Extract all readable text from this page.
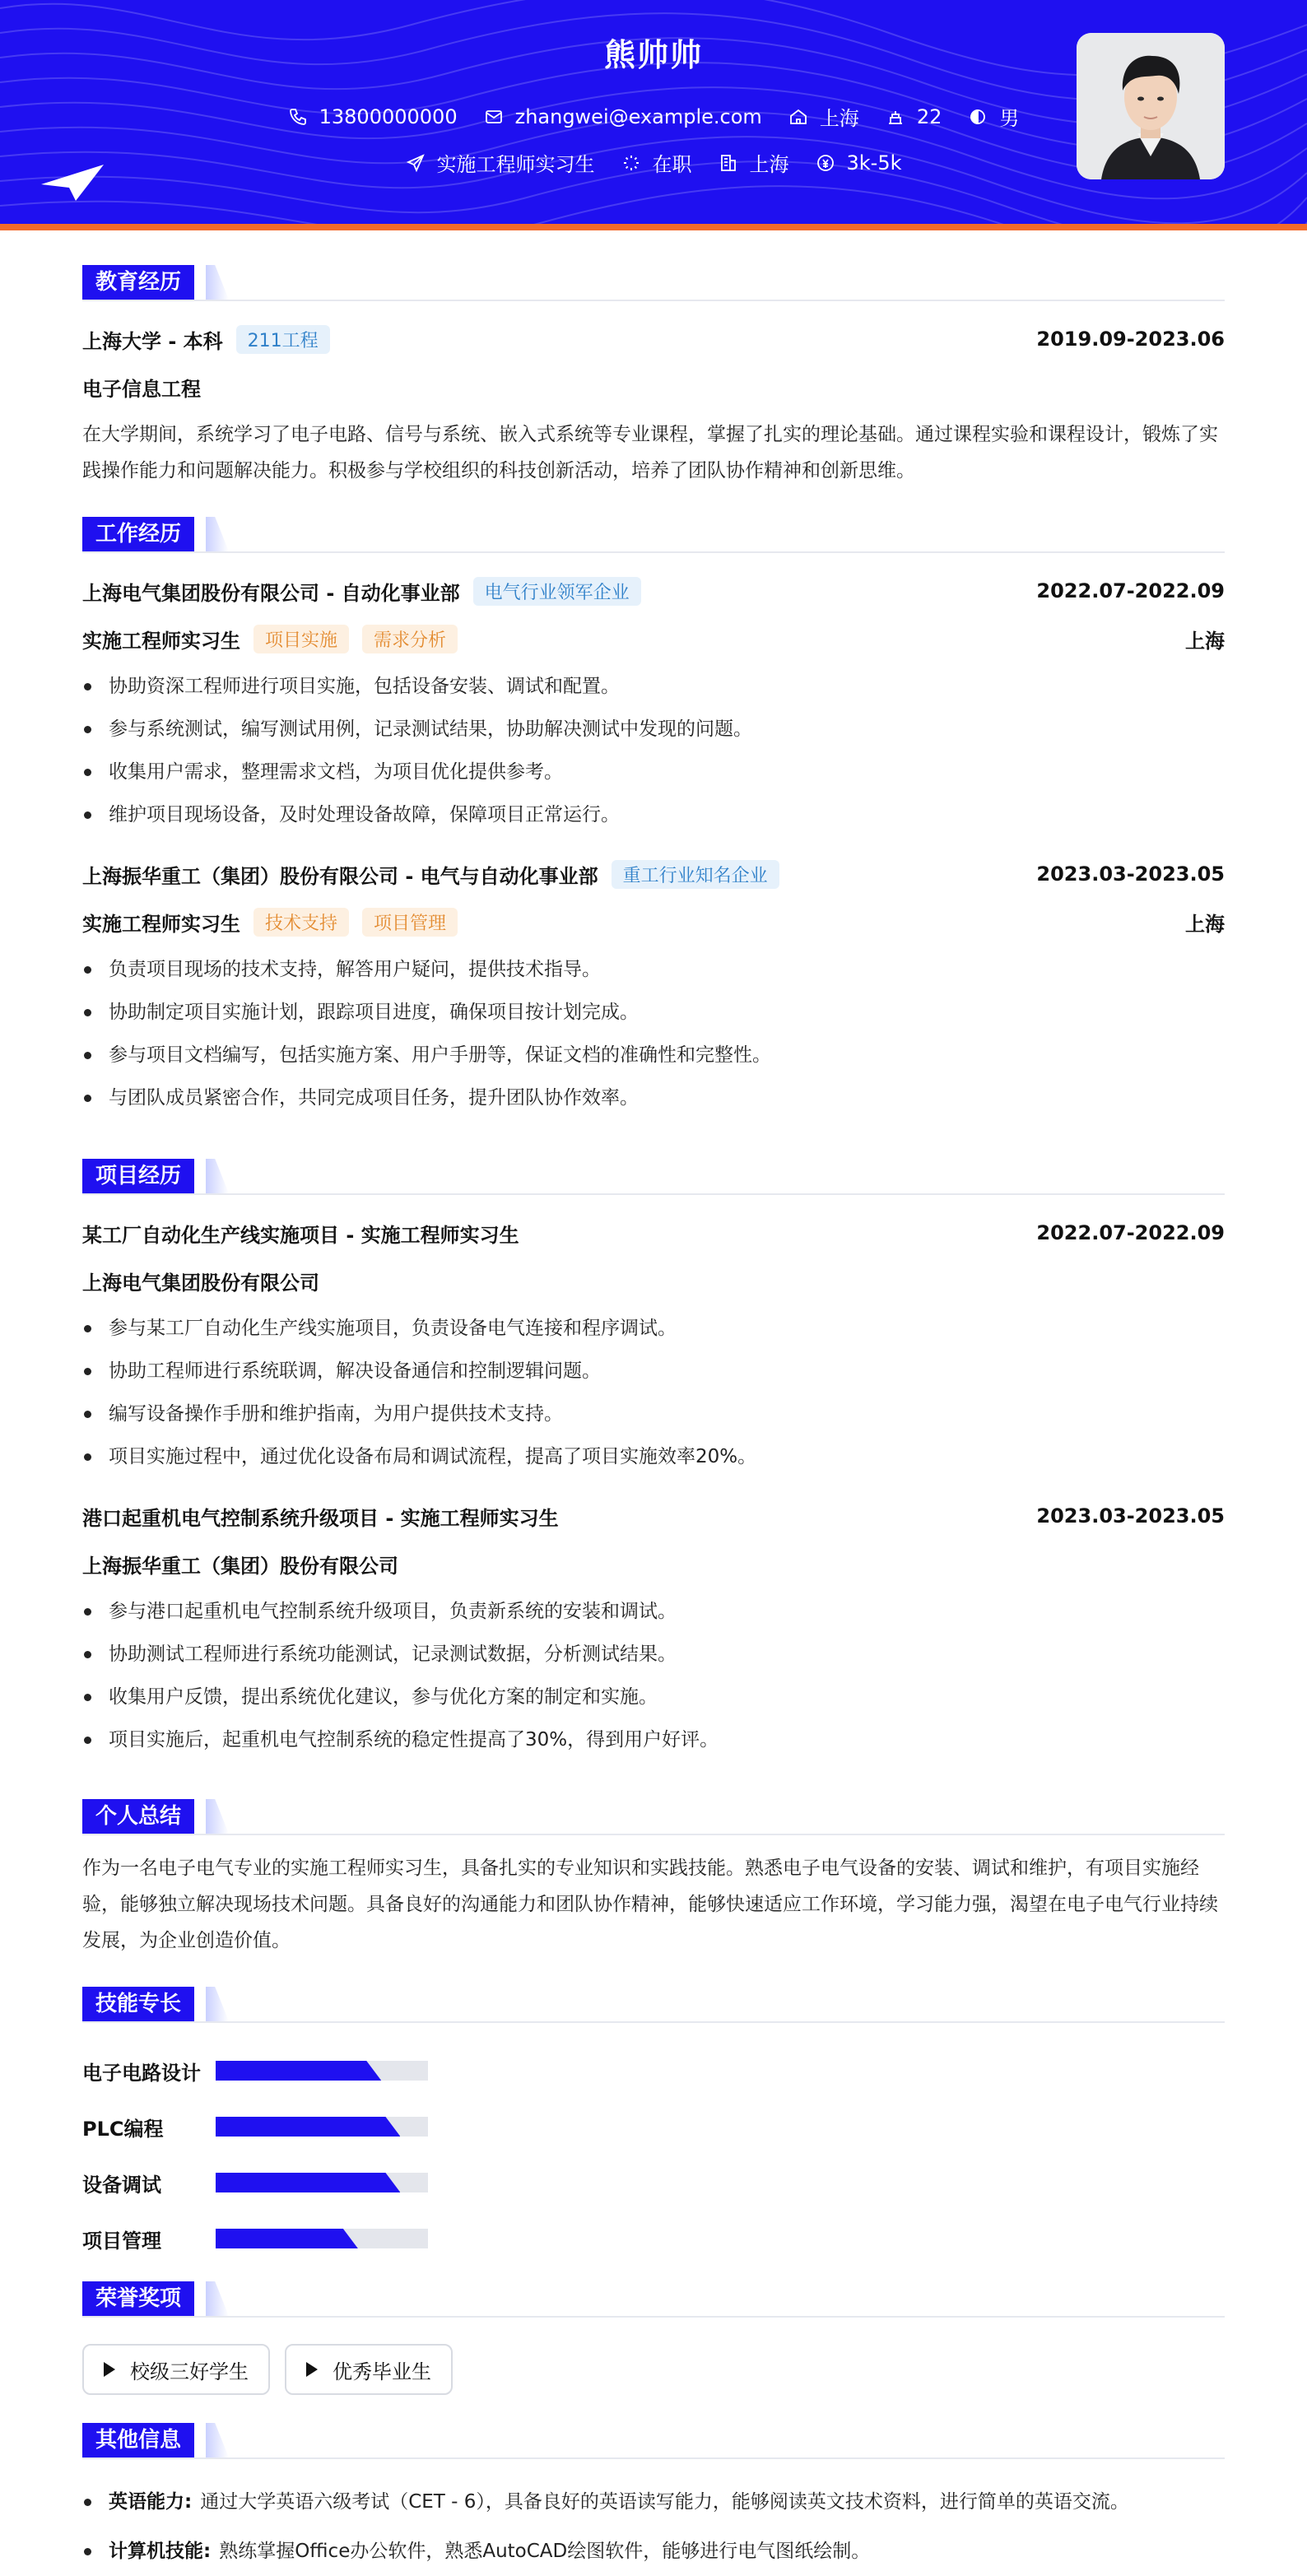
熊帅帅
13800000000	zhangwei@example.com	上海	22	男
实施工程师实习生	在职	上海	3k-5k
教育经历
上海大学 - 本科	211工程	2019.09-2023.06
电子信息工程
在大学期间，系统学习了电子电路、信号与系统、嵌入式系统等专业课程，掌握了扎实的理论基础。通过课程实验和课程设计，锻炼了实践操作能力和问题解决能力。积极参与学校组织的科技创新活动，培养了团队协作精神和创新思维。
工作经历
上海电气集团股份有限公司 - 自动化事业部	电气行业领军企业	2022.07-2022.09
实施工程师实习生	项目实施	需求分析	上海
协助资深工程师进行项目实施，包括设备安装、调试和配置。
参与系统测试，编写测试用例，记录测试结果，协助解决测试中发现的问题。
收集用户需求，整理需求文档，为项目优化提供参考。
维护项目现场设备，及时处理设备故障，保障项目正常运行。
上海振华重工（集团）股份有限公司 - 电气与自动化事业部	重工行业知名企业	2023.03-2023.05
实施工程师实习生	技术支持	项目管理	上海
负责项目现场的技术支持，解答用户疑问，提供技术指导。
协助制定项目实施计划，跟踪项目进度，确保项目按计划完成。
参与项目文档编写，包括实施方案、用户手册等，保证文档的准确性和完整性。
与团队成员紧密合作，共同完成项目任务，提升团队协作效率。
项目经历
某工厂自动化生产线实施项目 - 实施工程师实习生	2022.07-2022.09
上海电气集团股份有限公司
参与某工厂自动化生产线实施项目，负责设备电气连接和程序调试。
协助工程师进行系统联调，解决设备通信和控制逻辑问题。
编写设备操作手册和维护指南，为用户提供技术支持。
项目实施过程中，通过优化设备布局和调试流程，提高了项目实施效率20%。
港口起重机电气控制系统升级项目 - 实施工程师实习生	2023.03-2023.05
上海振华重工（集团）股份有限公司
参与港口起重机电气控制系统升级项目，负责新系统的安装和调试。
协助测试工程师进行系统功能测试，记录测试数据，分析测试结果。
收集用户反馈，提出系统优化建议，参与优化方案的制定和实施。
项目实施后，起重机电气控制系统的稳定性提高了30%，得到用户好评。
个人总结
作为一名电子电气专业的实施工程师实习生，具备扎实的专业知识和实践技能。熟悉电子电气设备的安装、调试和维护，有项目实施经验，能够独立解决现场技术问题。具备良好的沟通能力和团队协作精神，能够快速适应工作环境，学习能力强，渴望在电子电气行业持续发展，为企业创造价值。
技能专长
电子电路设计
PLC编程
设备调试
项目管理
荣誉奖项
校级三好学生	优秀毕业生
其他信息
英语能力: 通过大学英语六级考试（CET - 6），具备良好的英语读写能力，能够阅读英文技术资料，进行简单的英语交流。
计算机技能: 熟练掌握Office办公软件，熟悉AutoCAD绘图软件，能够进行电气图纸绘制。
